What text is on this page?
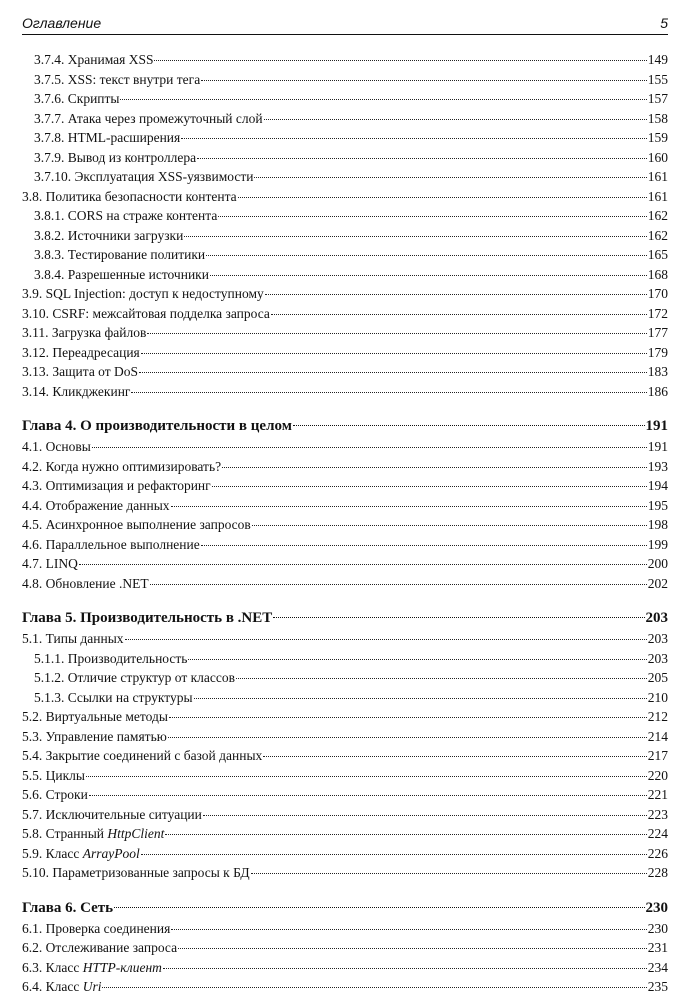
Оглавление	5
3.7.4. Хранимая XSS	149
3.7.5. XSS: текст внутри тега	155
3.7.6. Скрипты	157
3.7.7. Атака через промежуточный слой	158
3.7.8. HTML-расширения	159
3.7.9. Вывод из контроллера	160
3.7.10. Эксплуатация XSS-уязвимости	161
3.8. Политика безопасности контента	161
3.8.1. CORS на страже контента	162
3.8.2. Источники загрузки	162
3.8.3. Тестирование политики	165
3.8.4. Разрешенные источники	168
3.9. SQL Injection: доступ к недоступному	170
3.10. CSRF: межсайтовая подделка запроса	172
3.11. Загрузка файлов	177
3.12. Переадресация	179
3.13. Защита от DoS	183
3.14. Кликджекинг	186
Глава 4. О производительности в целом	191
4.1. Основы	191
4.2. Когда нужно оптимизировать?	193
4.3. Оптимизация и рефакторинг	194
4.4. Отображение данных	195
4.5. Асинхронное выполнение запросов	198
4.6. Параллельное выполнение	199
4.7. LINQ	200
4.8. Обновление .NET	202
Глава 5. Производительность в .NET	203
5.1. Типы данных	203
5.1.1. Производительность	203
5.1.2. Отличие структур от классов	205
5.1.3. Ссылки на структуры	210
5.2. Виртуальные методы	212
5.3. Управление памятью	214
5.4. Закрытие соединений с базой данных	217
5.5. Циклы	220
5.6. Строки	221
5.7. Исключительные ситуации	223
5.8. Странный HttpClient	224
5.9. Класс ArrayPool	226
5.10. Параметризованные запросы к БД	228
Глава 6. Сеть	230
6.1. Проверка соединения	230
6.2. Отслеживание запроса	231
6.3. Класс HTTP-клиент	234
6.4. Класс Uri	235
